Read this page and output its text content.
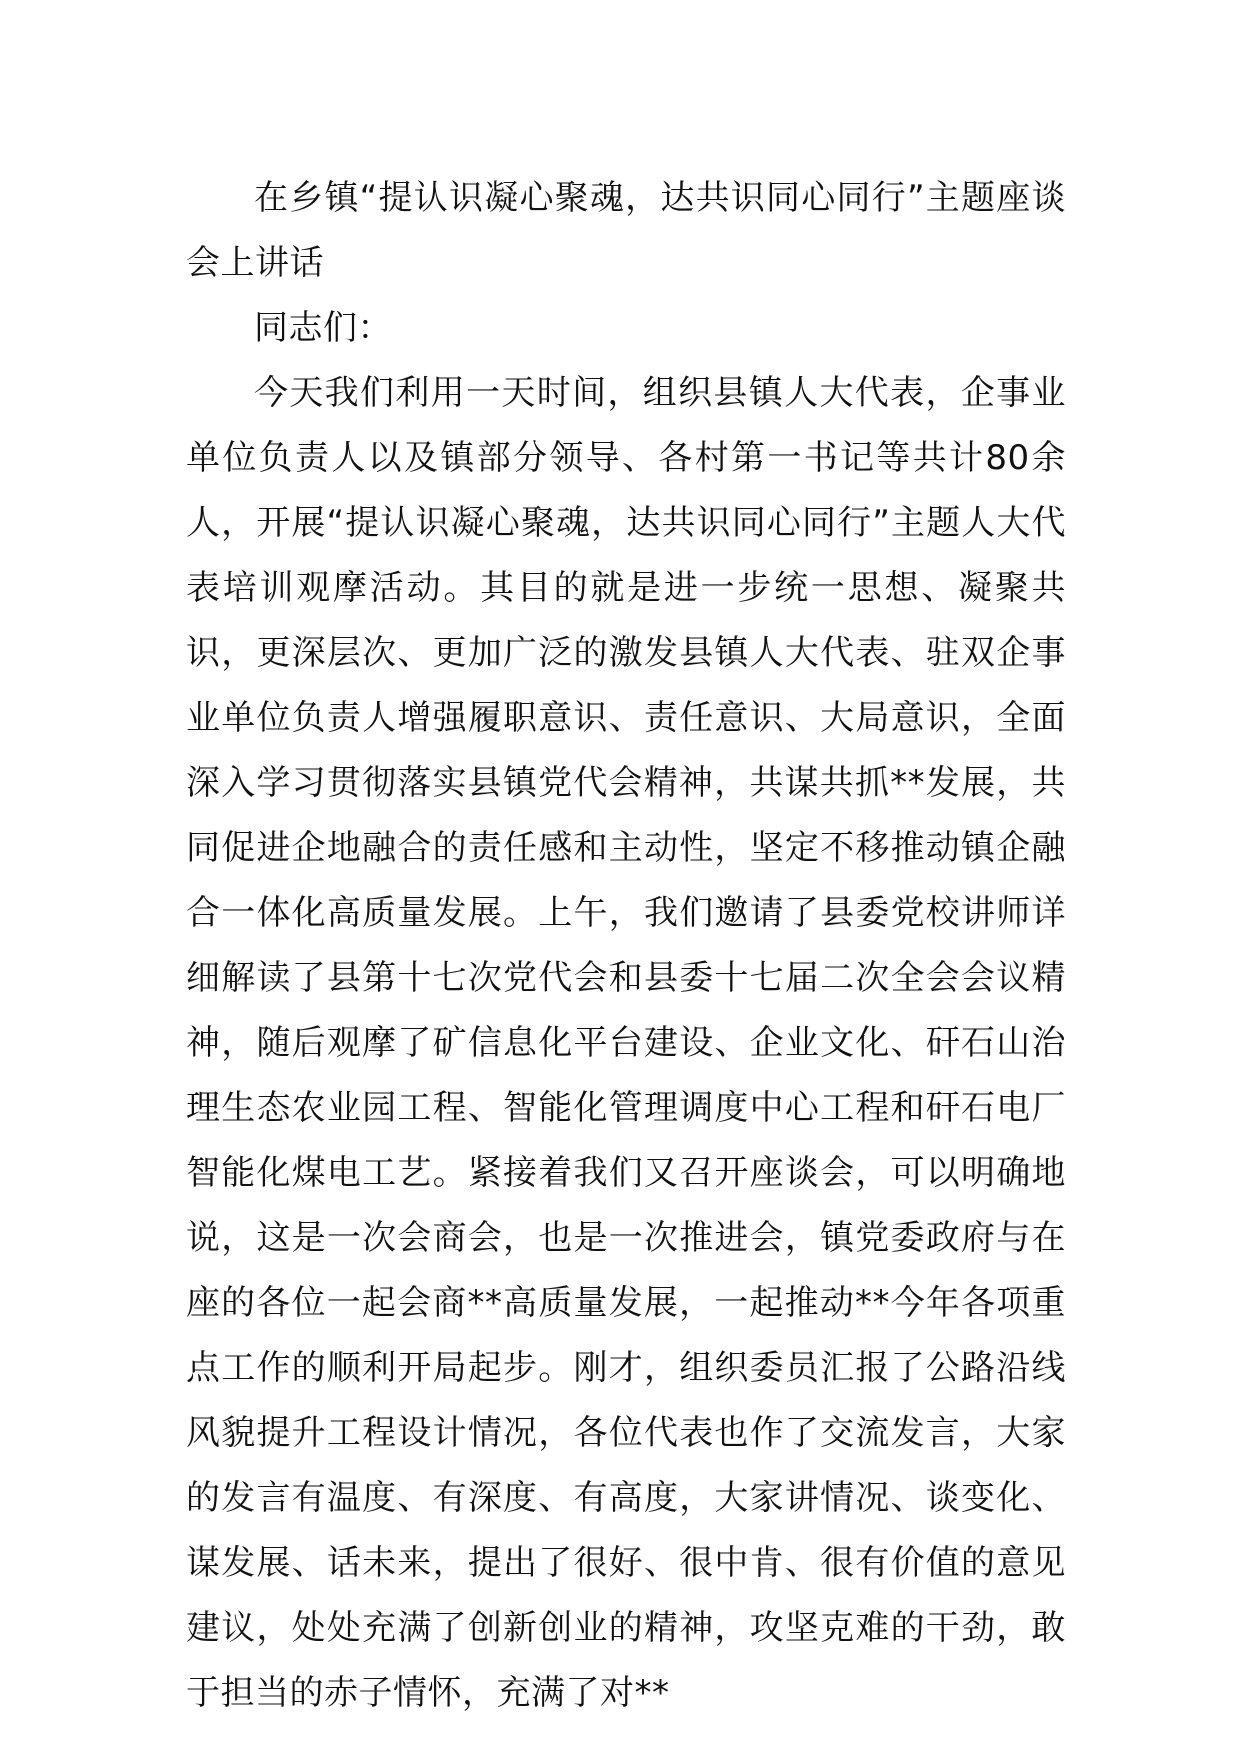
在乡镇“提认识凝心聚魂，达共识同心同行”主题座谈会上讲话

同志们：

今天我们利用一天时间，组织县镇人大代表，企事业单位负责人以及镇部分领导、各村第一书记等共计80余人，开展“提认识凝心聚魂，达共识同心同行”主题人大代表培训观摩活动。其目的就是进一步统一思想、凝聚共识，更深层次、更加广泛的激发县镇人大代表、驻双企事业单位负责人增强履职意识、责任意识、大局意识，全面深入学习贯彻落实县镇党代会精神，共谋共抓**发展，共同促进企地融合的责任感和主动性，坚定不移推动镇企融合一体化高质量发展。上午，我们邀请了县委党校讲师详细解读了县第十七次党代会和县委十七届二次全会会议精神，随后观摩了矿信息化平台建设、企业文化、矸石山治理生态农业园工程、智能化管理调度中心工程和矸石电厂智能化煤电工艺。紧接着我们又召开座谈会，可以明确地说，这是一次会商会，也是一次推进会，镇党委政府与在座的各位一起会商**高质量发展，一起推动**今年各项重点工作的顺利开局起步。刚才，组织委员汇报了公路沿线风貌提升工程设计情况，各位代表也作了交流发言，大家的发言有温度、有深度、有高度，大家讲情况、谈变化、谋发展、话未来，提出了很好、很中肯、很有价值的意见建议，处处充满了创新创业的精神，攻坚克难的干劲，敢于担当的赤子情怀，充满了对**
